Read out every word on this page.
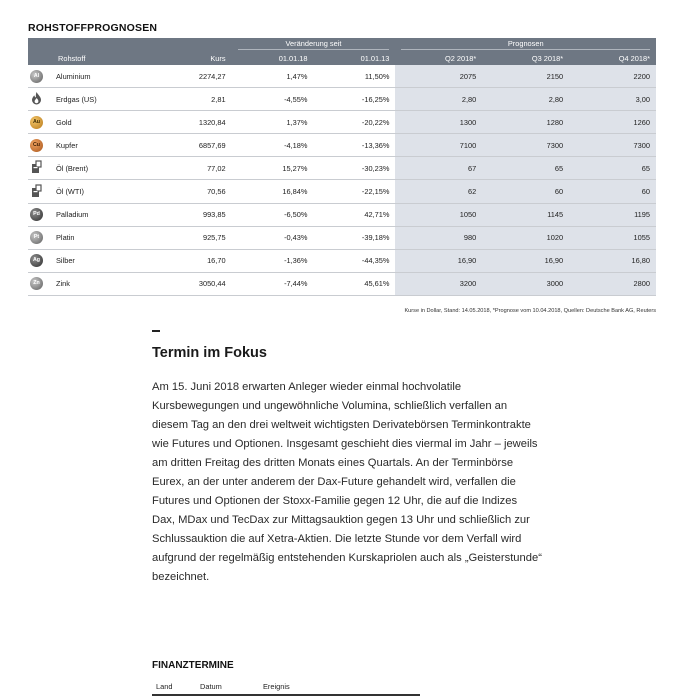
ROHSTOFFPROGNOSEN

			Veränderung seit		Prognosen		

	Rohstoff	Kurs	01.01.18	01.01.13	Q2 2018*	Q3 2018*	Q4 2018*
Al	Aluminium	2274,27	1,47%	11,50%	2075	2150	2200
	Erdgas (US)	2,81	-4,55%	-16,25%	2,80	2,80	3,00
Au	Gold	1320,84	1,37%	-20,22%	1300	1280	1260
Cu	Kupfer	6857,69	-4,18%	-13,36%	7100	7300	7300
	Öl (Brent)	77,02	15,27%	-30,23%	67	65	65
	Öl (WTI)	70,56	16,84%	-22,15%	62	60	60
Pd	Palladium	993,85	-6,50%	42,71%	1050	1145	1195
Pt	Platin	925,75	-0,43%	-39,18%	980	1020	1055
Ag	Silber	16,70	-1,36%	-44,35%	16,90	16,90	16,80
Zn	Zink	3050,44	-7,44%	45,61%	3200	3000	2800
Kurse in Dollar, Stand: 14.05.2018, *Prognose vom 10.04.2018, Quellen: Deutsche Bank AG, Reuters
Termin im Fokus
Am 15. Juni 2018 erwarten Anleger wieder einmal hochvolatile Kursbewegungen und ungewöhnliche Volumina, schließlich verfallen an diesem Tag an den drei weltweit wichtigsten Derivatebörsen Terminkontrakte wie Futures und Optionen. Insgesamt geschieht dies viermal im Jahr – jeweils am dritten Freitag des dritten Monats eines Quartals. An der Terminbörse Eurex, an der unter anderem der Dax-Future gehandelt wird, verfallen die Futures und Optionen der Stoxx-Familie gegen 12 Uhr, die auf die Indizes Dax, MDax und TecDax zur Mittagsauktion gegen 13 Uhr und schließlich zur Schlussauktion die auf Xetra-Aktien. Die letzte Stunde vor dem Verfall wird aufgrund der regelmäßig entstehenden Kurskapriolen auch als „Geisterstunde“ bezeichnet.
FINANZTERMINE
Land	Datum	Ereignis
